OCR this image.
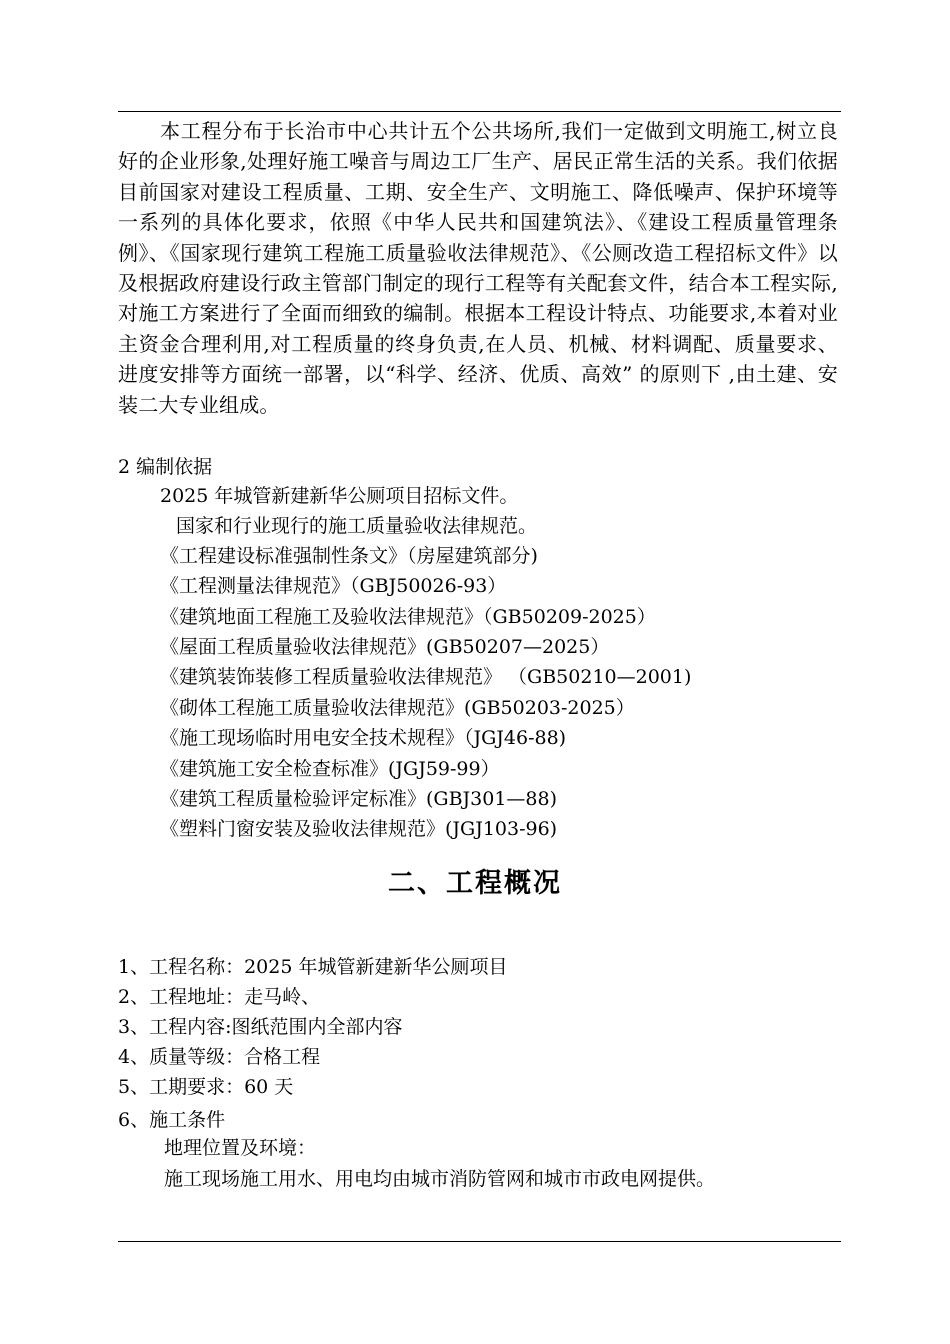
本工程分布于长治市中心共计五个公共场所,我们一定做到文明施工,树立良好的企业形象,处理好施工噪音与周边工厂生产、居民正常生活的关系。我们依据目前国家对建设工程质量、工期、安全生产、文明施工、降低噪声、保护环境等一系列的具体化要求，依照《中华人民共和国建筑法》、《建设工程质量管理条例》、《国家现行建筑工程施工质量验收法律规范》、《公厕改造工程招标文件》以及根据政府建设行政主管部门制定的现行工程等有关配套文件，结合本工程实际,对施工方案进行了全面而细致的编制。根据本工程设计特点、功能要求,本着对业主资金合理利用,对工程质量的终身负责,在人员、机械、材料调配、质量要求、进度安排等方面统一部署，以“科学、经济、优质、高效” 的原则下 ,由土建、安装二大专业组成。

2 编制依据
2025 年城管新建新华公厕项目招标文件。
国家和行业现行的施工质量验收法律规范。
《工程建设标准强制性条文》（房屋建筑部分)
《工程测量法律规范》（GBJ50026-93）
《建筑地面工程施工及验收法律规范》（GB50209-2025）
《屋面工程质量验收法律规范》(GB50207—2025）
《建筑装饰装修工程质量验收法律规范》 （GB50210—2001)
《砌体工程施工质量验收法律规范》(GB50203-2025）
《施工现场临时用电安全技术规程》（JGJ46-88)
《建筑施工安全检查标准》(JGJ59-99）
《建筑工程质量检验评定标准》(GBJ301—88)
《塑料门窗安装及验收法律规范》(JGJ103-96)
二、工程概况
1、工程名称：2025 年城管新建新华公厕项目
2、工程地址：走马岭、
3、工程内容:图纸范围内全部内容
4、质量等级：合格工程
5、工期要求：60 天
6、施工条件
地理位置及环境：
施工现场施工用水、用电均由城市消防管网和城市市政电网提供。
